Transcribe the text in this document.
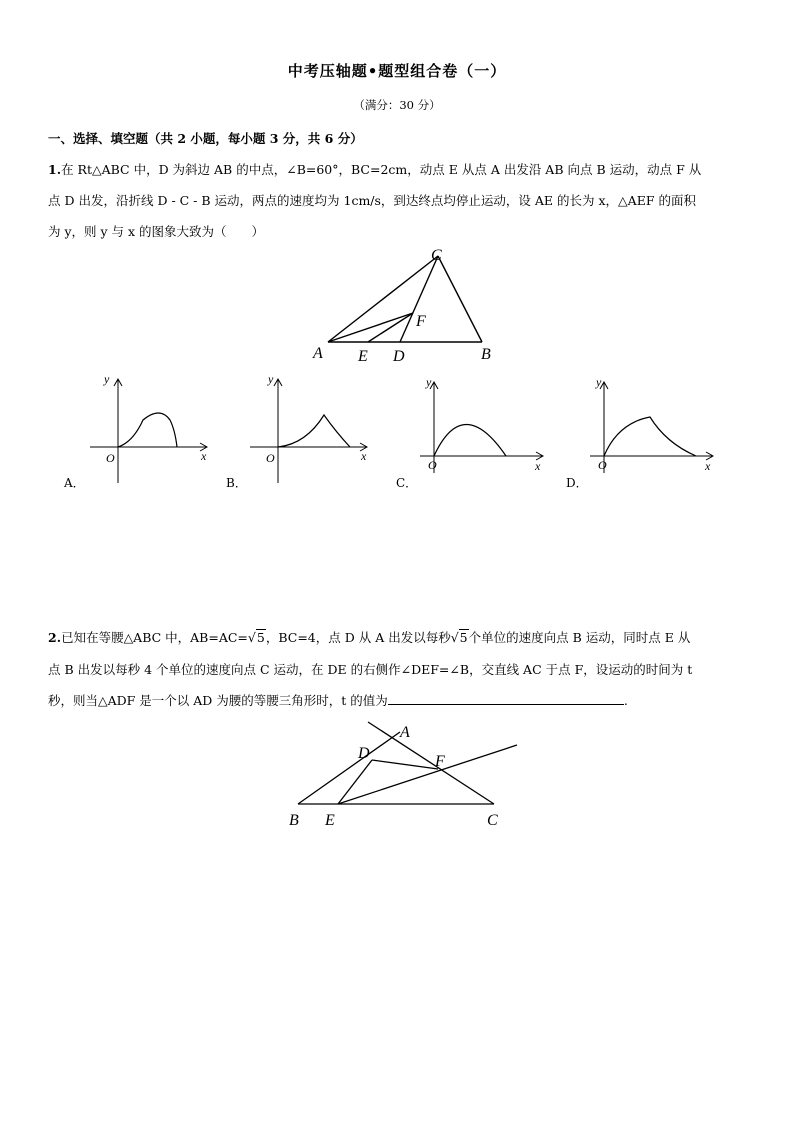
中考压轴题•题型组合卷（一）
（满分：30 分）
一、选择、填空题（共 2 小题，每小题 3 分，共 6 分）
1.在 Rt△ABC 中，D 为斜边 AB 的中点，∠B=60°，BC=2cm，动点 E 从点 A 出发沿 AB 向点 B 运动，动点 F 从
点 D 出发，沿折线 D - C - B 运动，两点的速度均为 1cm/s，到达终点均停止运动，设 AE 的长为 x，△AEF 的面积
为 y，则 y 与 x 的图象大致为（　　）
C
F
A E D	B
y
x
O
A．
y
x
O
B．
y
x
O
C．
y
x
O
D．
2.已知在等腰△ABC 中，AB=AC=√5，BC=4，点 D 从 A 出发以每秒√5个单位的速度向点 B 运动，同时点 E 从
点 B 出发以每秒 4 个单位的速度向点 C 运动，在 DE 的右侧作∠DEF=∠B，交直线 AC 于点 F，设运动的时间为 t
秒，则当△ADF 是一个以 AD 为腰的等腰三角形时，t 的值为	.
A
D	F
B E	C
